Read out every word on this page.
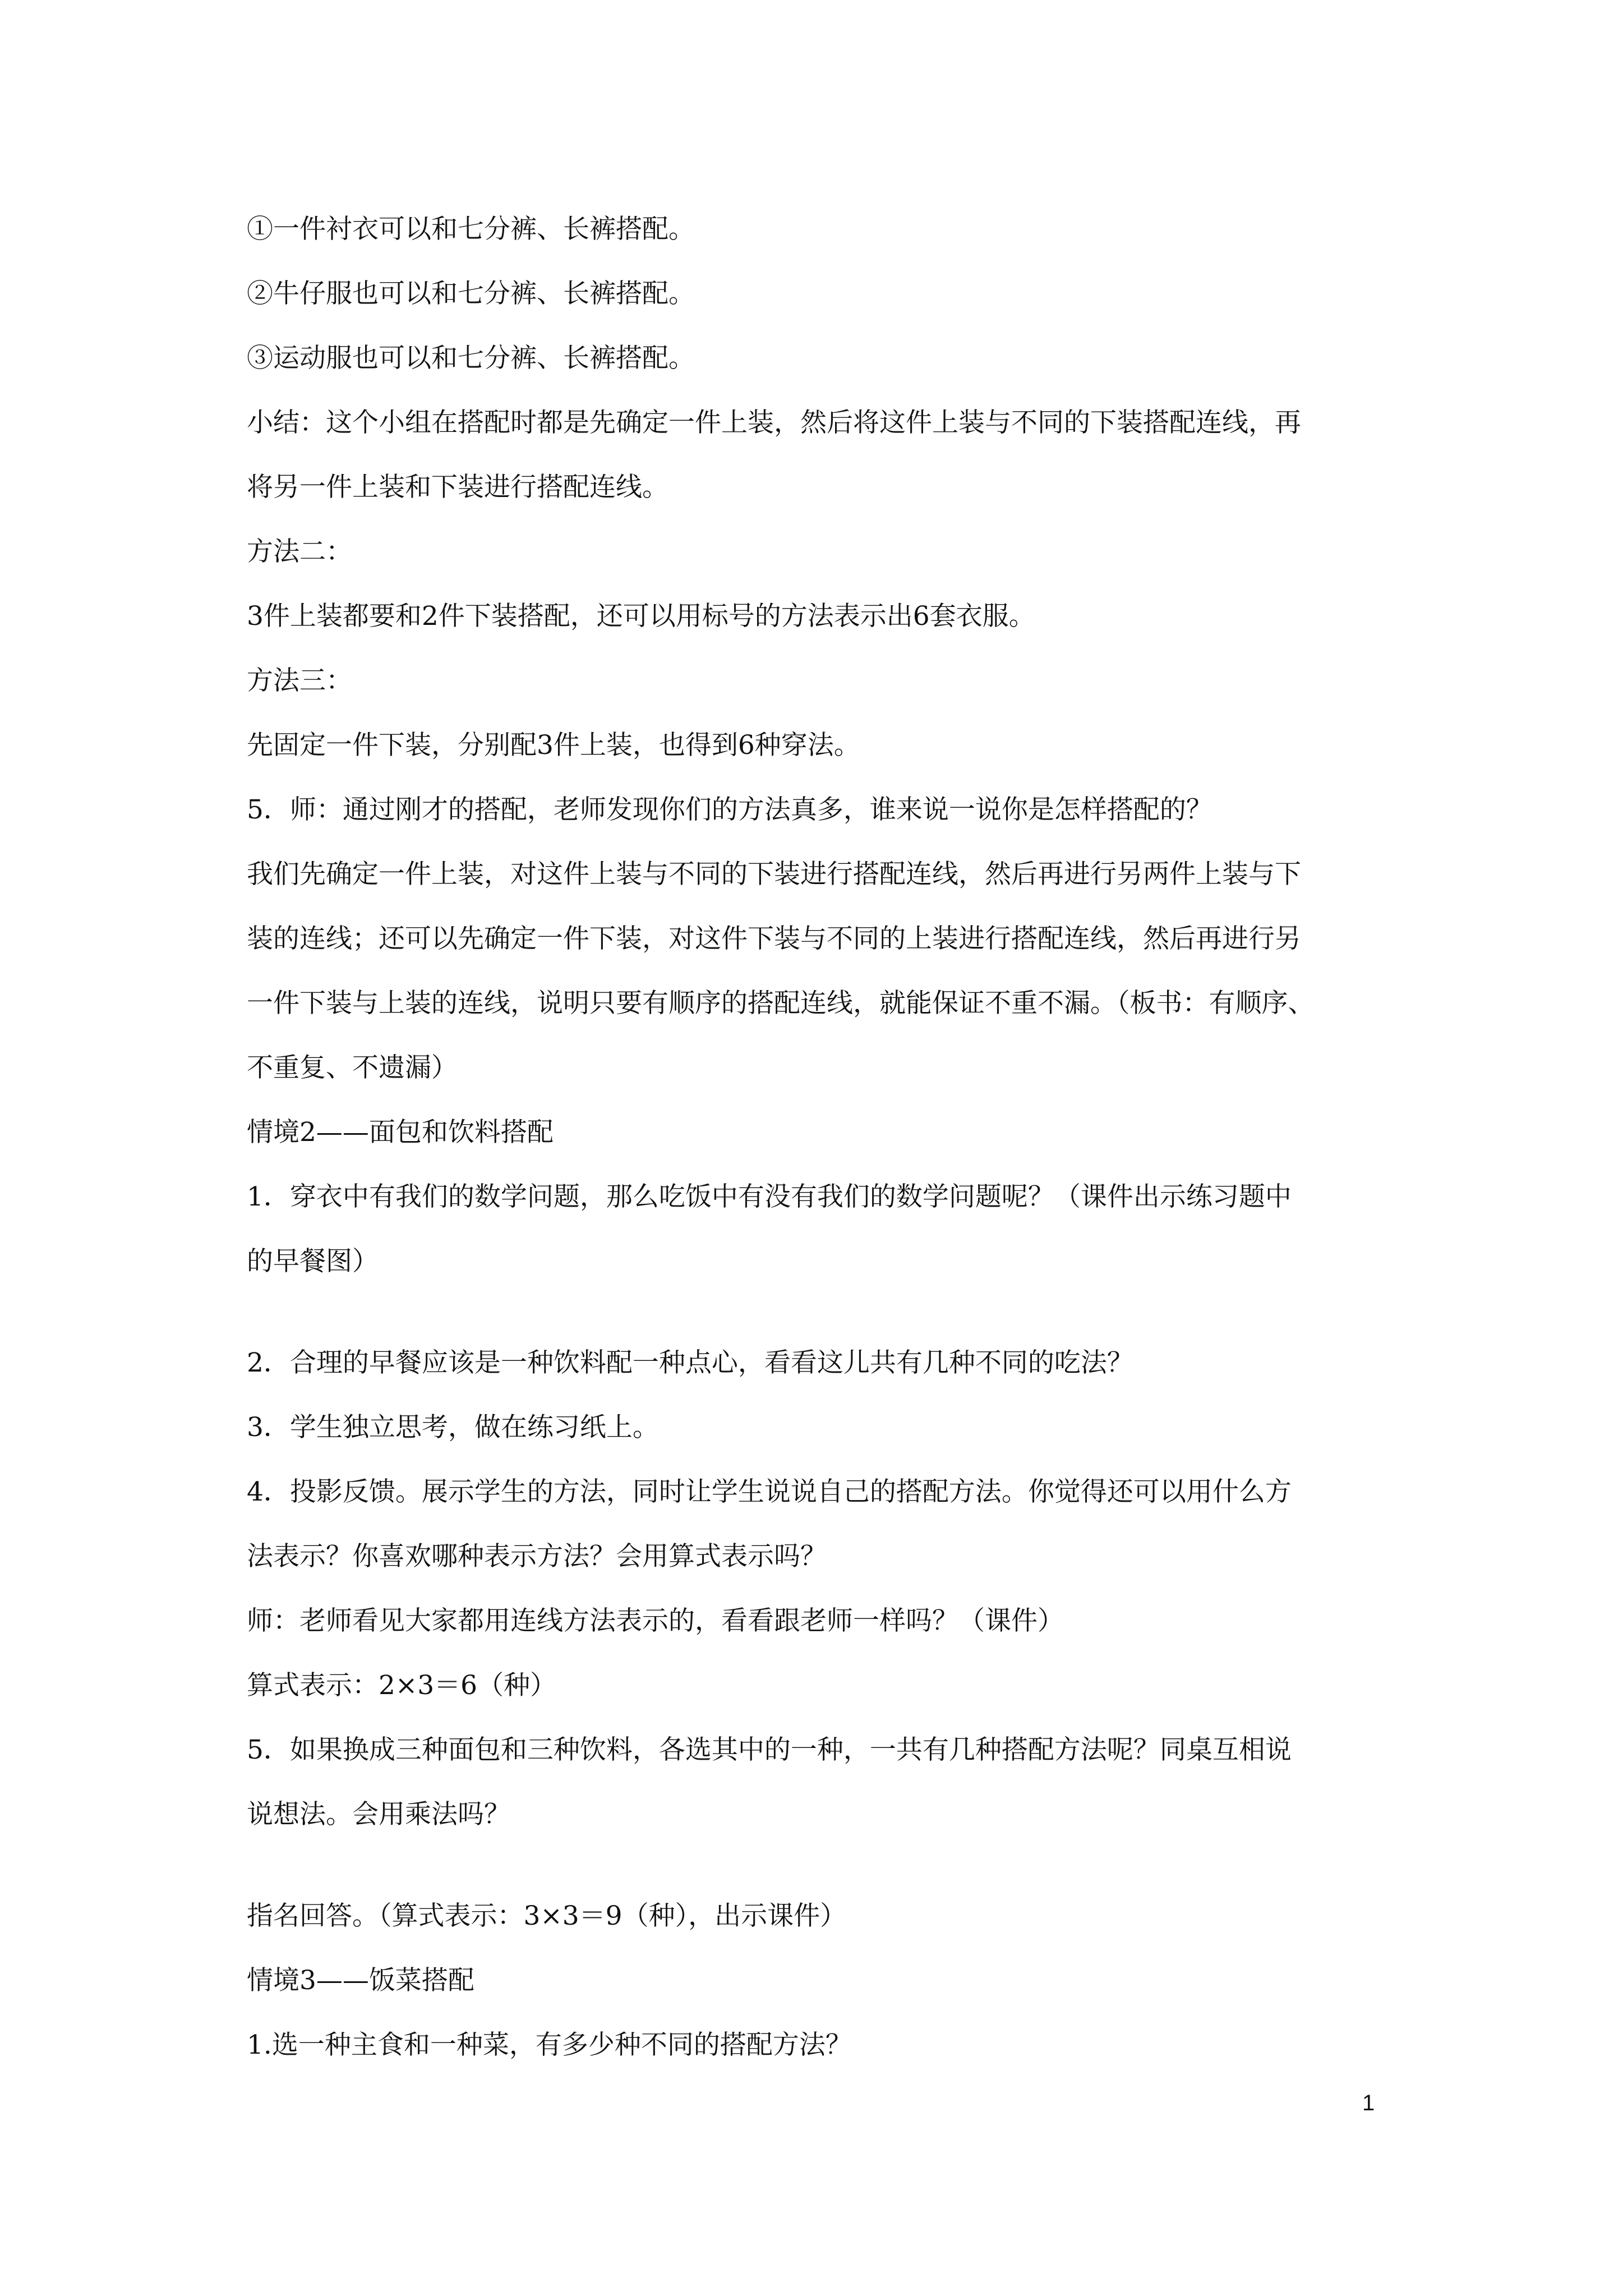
①一件衬衣可以和七分裤、长裤搭配。
②牛仔服也可以和七分裤、长裤搭配。
③运动服也可以和七分裤、长裤搭配。
小结：这个小组在搭配时都是先确定一件上装，然后将这件上装与不同的下装搭配连线，再
将另一件上装和下装进行搭配连线。
方法二：
3件上装都要和2件下装搭配，还可以用标号的方法表示出6套衣服。
方法三：
先固定一件下装，分别配3件上装，也得到6种穿法。
5．师：通过刚才的搭配，老师发现你们的方法真多，谁来说一说你是怎样搭配的？
我们先确定一件上装，对这件上装与不同的下装进行搭配连线，然后再进行另两件上装与下
装的连线；还可以先确定一件下装，对这件下装与不同的上装进行搭配连线，然后再进行另
一件下装与上装的连线，说明只要有顺序的搭配连线，就能保证不重不漏。（板书：有顺序、
不重复、不遗漏）
情境2——面包和饮料搭配
1．穿衣中有我们的数学问题，那么吃饭中有没有我们的数学问题呢？（课件出示练习题中
的早餐图）
2．合理的早餐应该是一种饮料配一种点心，看看这儿共有几种不同的吃法？
3．学生独立思考，做在练习纸上。
4．投影反馈。展示学生的方法，同时让学生说说自己的搭配方法。你觉得还可以用什么方
法表示？你喜欢哪种表示方法？会用算式表示吗？
师：老师看见大家都用连线方法表示的，看看跟老师一样吗？（课件）
算式表示：2×3＝6（种）
5．如果换成三种面包和三种饮料，各选其中的一种，一共有几种搭配方法呢？同桌互相说
说想法。会用乘法吗？
指名回答。（算式表示：3×3＝9（种），出示课件）
情境3——饭菜搭配
1.选一种主食和一种菜，有多少种不同的搭配方法？
1
